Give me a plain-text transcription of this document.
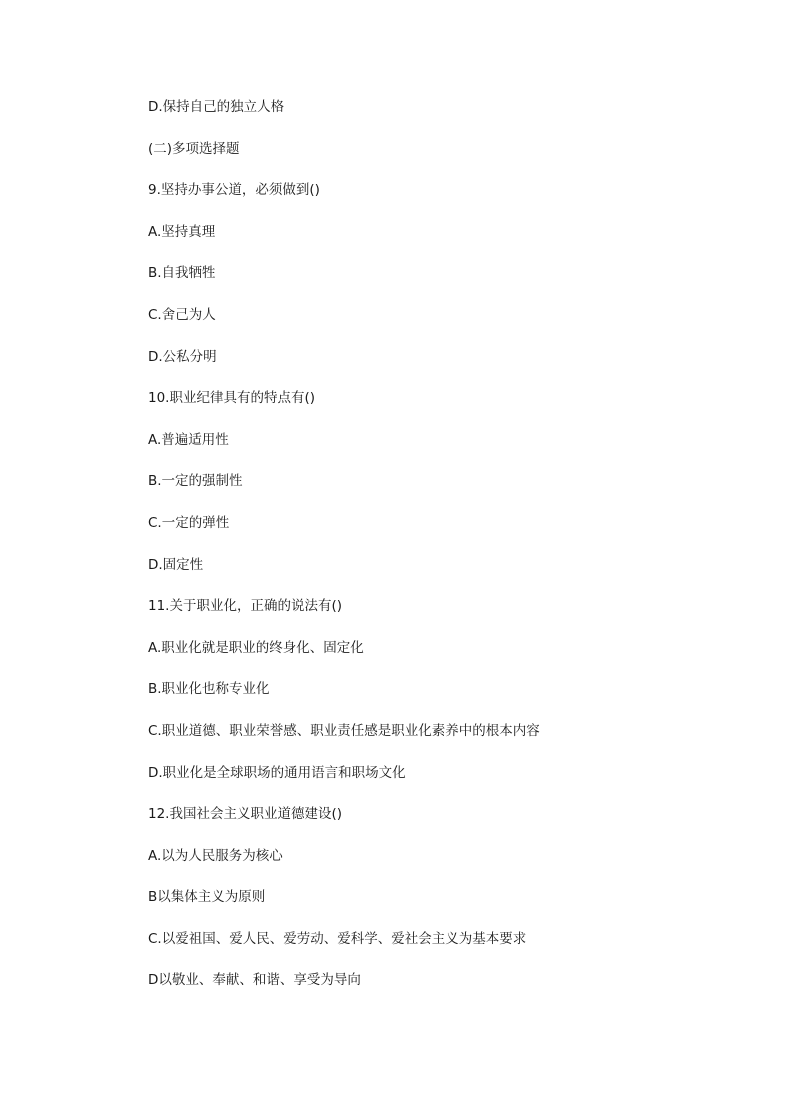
D.保持自己的独立人格
(二)多项选择题
9.坚持办事公道，必须做到()
A.坚持真理
B.自我牺牲
C.舍己为人
D.公私分明
10.职业纪律具有的特点有()
A.普遍适用性
B.一定的强制性
C.一定的弹性
D.固定性
11.关于职业化，正确的说法有()
A.职业化就是职业的终身化、固定化
B.职业化也称专业化
C.职业道德、职业荣誉感、职业责任感是职业化素养中的根本内容
D.职业化是全球职场的通用语言和职场文化
12.我国社会主义职业道德建设()
A.以为人民服务为核心
B以集体主义为原则
C.以爱祖国、爱人民、爱劳动、爱科学、爱社会主义为基本要求
D以敬业、奉献、和谐、享受为导向
